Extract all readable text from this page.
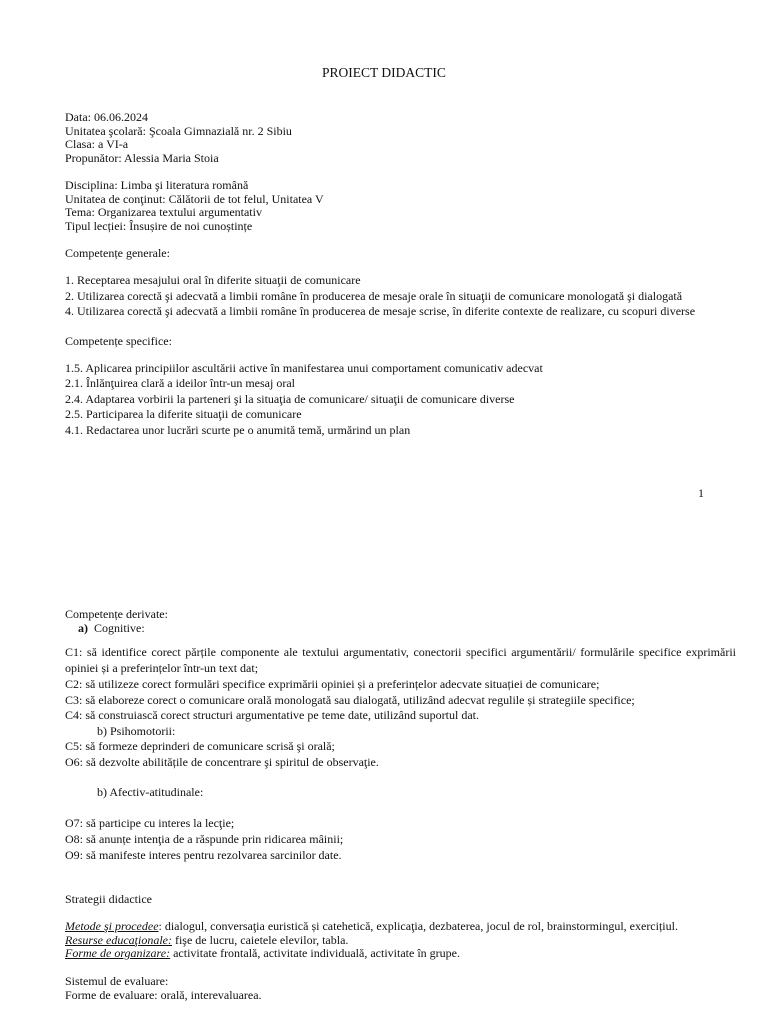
PROIECT DIDACTIC
Data: 06.06.2024
Unitatea şcolară: Şcoala Gimnazială nr. 2 Sibiu
Clasa: a VI-a
Propunător: Alessia Maria Stoia
Disciplina: Limba şi literatura română
Unitatea de conţinut: Călătorii de tot felul, Unitatea V
Tema: Organizarea textului argumentativ
Tipul lecției: Însușire de noi cunoștințe
Competențe generale:
1. Receptarea mesajului oral în diferite situaţii de comunicare
2. Utilizarea corectă şi adecvată a limbii române în producerea de mesaje orale în situaţii de comunicare monologată şi dialogată
4. Utilizarea corectă şi adecvată a limbii române în producerea de mesaje scrise, în diferite contexte de realizare, cu scopuri diverse
Competențe specifice:
1.5. Aplicarea principiilor ascultării active în manifestarea unui comportament comunicativ adecvat
2.1. Înlănţuirea clară a ideilor într-un mesaj oral
2.4. Adaptarea vorbirii la parteneri şi la situaţia de comunicare/ situaţii de comunicare diverse
2.5. Participarea la diferite situaţii de comunicare
4.1. Redactarea unor lucrări scurte pe o anumită temă, urmărind un plan
1
Competențe derivate:
a) Cognitive:
C1: să identifice corect părțile componente ale textului argumentativ, conectorii specifici argumentării/ formulările specifice exprimării opiniei și a preferințelor într-un text dat;
C2: să utilizeze corect formulări specifice exprimării opiniei și a preferințelor adecvate situației de comunicare;
C3: să elaboreze corect o comunicare orală monologată sau dialogată, utilizând adecvat regulile și strategiile specifice;
C4: să construiască corect structuri argumentative pe teme date, utilizând suportul dat.
b) Psihomotorii:
C5: să formeze deprinderi de comunicare scrisă şi orală;
O6: să dezvolte abilitățile de concentrare şi spiritul de observaţie.
b) Afectiv-atitudinale:
O7: să participe cu interes la lecţie;
O8: să anunțe intenţia de a răspunde prin ridicarea mâinii;
O9: să manifeste interes pentru rezolvarea sarcinilor date.
Strategii didactice
Metode şi procedee: dialogul, conversaţia euristică și catehetică, explicaţia, dezbaterea, jocul de rol, brainstormingul, exercițiul.
Resurse educaţionale: fişe de lucru, caietele elevilor, tabla.
Forme de organizare: activitate frontală, activitate individuală, activitate în grupe.
Sistemul de evaluare:
Forme de evaluare: orală, interevaluarea.
